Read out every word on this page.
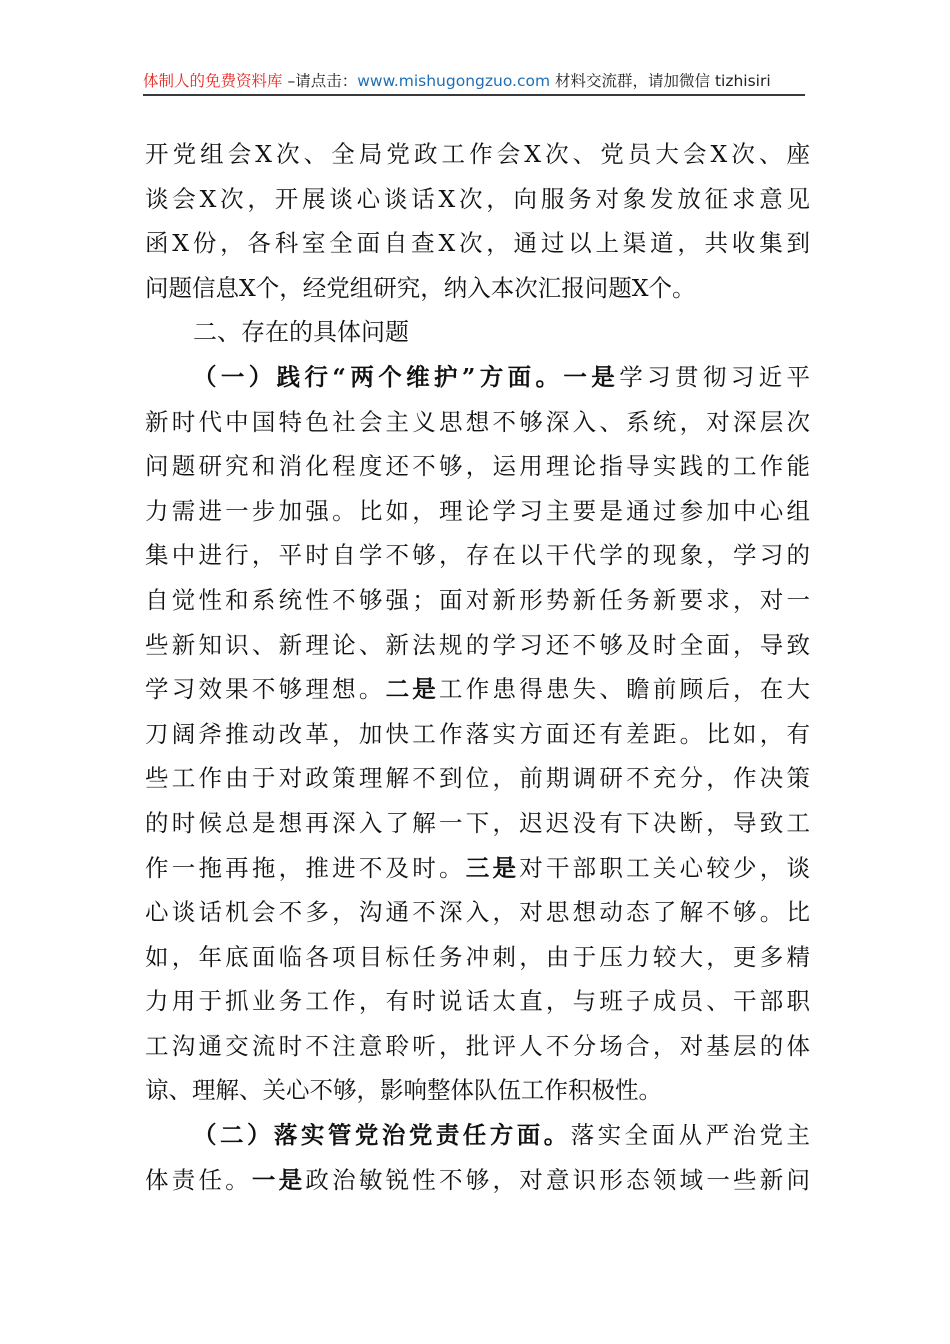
体制人的免费资料库 –请点击：www.mishugongzuo.com 材料交流群，请加微信 tizhisiri
开党组会X次、全局党政工作会X次、党员大会X次、座
谈会X次，开展谈心谈话X次，向服务对象发放征求意见
函X份，各科室全面自查X次，通过以上渠道，共收集到
问题信息X个，经党组研究，纳入本次汇报问题X个。
二、存在的具体问题
（一）践行“两个维护”方面。一是学习贯彻习近平
新时代中国特色社会主义思想不够深入、系统，对深层次
问题研究和消化程度还不够，运用理论指导实践的工作能
力需进一步加强。比如，理论学习主要是通过参加中心组
集中进行，平时自学不够，存在以干代学的现象，学习的
自觉性和系统性不够强；面对新形势新任务新要求，对一
些新知识、新理论、新法规的学习还不够及时全面，导致
学习效果不够理想。二是工作患得患失、瞻前顾后，在大
刀阔斧推动改革，加快工作落实方面还有差距。比如，有
些工作由于对政策理解不到位，前期调研不充分，作决策
的时候总是想再深入了解一下，迟迟没有下决断，导致工
作一拖再拖，推进不及时。三是对干部职工关心较少，谈
心谈话机会不多，沟通不深入，对思想动态了解不够。比
如，年底面临各项目标任务冲刺，由于压力较大，更多精
力用于抓业务工作，有时说话太直，与班子成员、干部职
工沟通交流时不注意聆听，批评人不分场合，对基层的体
谅、理解、关心不够，影响整体队伍工作积极性。
（二）落实管党治党责任方面。落实全面从严治党主
体责任。一是政治敏锐性不够，对意识形态领域一些新问
